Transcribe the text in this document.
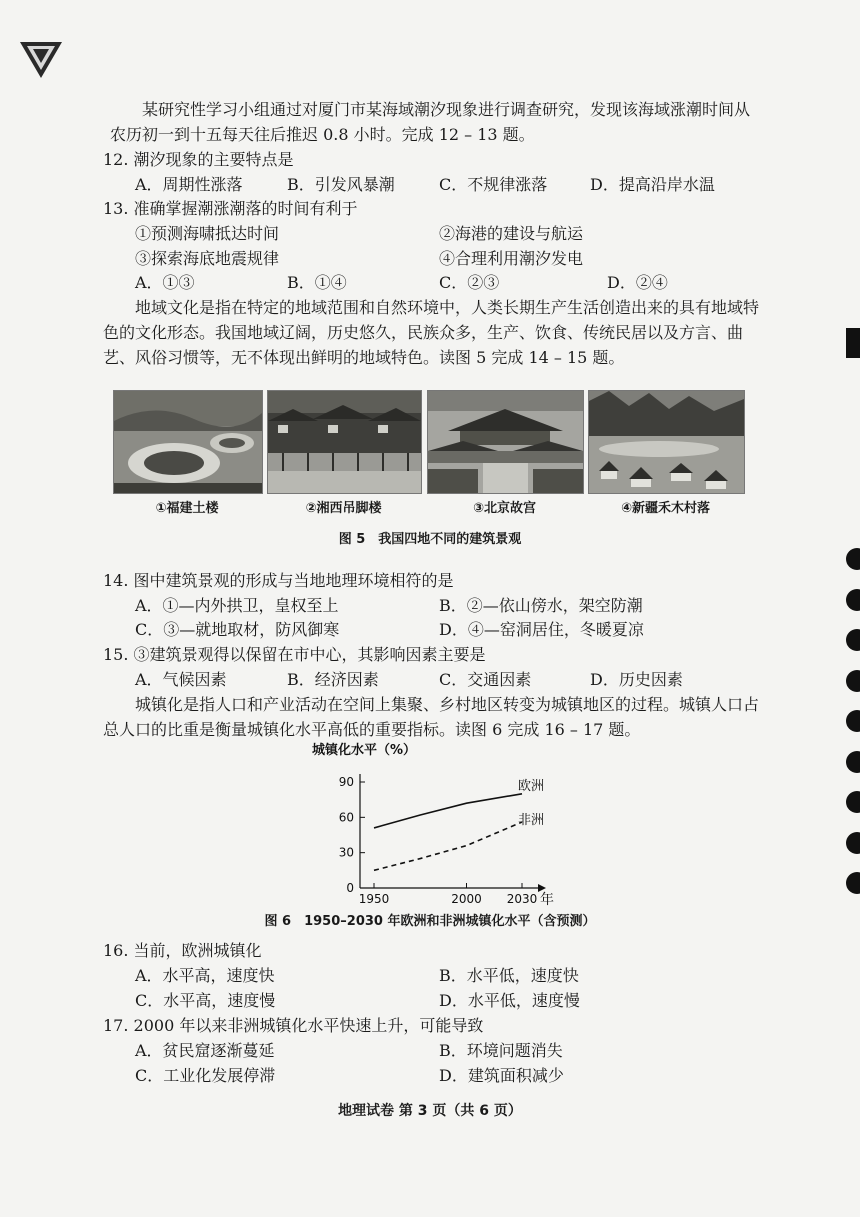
某研究性学习小组通过对厦门市某海域潮汐现象进行调查研究，发现该海域涨潮时间从农历初一到十五每天往后推迟 0.8 小时。完成 12 – 13 题。
12. 潮汐现象的主要特点是
A．周期性涨落	B．引发风暴潮	C．不规律涨落	D．提高沿岸水温
13. 准确掌握潮涨潮落的时间有利于
①预测海啸抵达时间	②海港的建设与航运
③探索海底地震规律	④合理利用潮汐发电
A．①③	B．①④	C．②③	D．②④
地域文化是指在特定的地域范围和自然环境中，人类长期生产生活创造出来的具有地域特色的文化形态。我国地域辽阔，历史悠久，民族众多，生产、饮食、传统民居以及方言、曲艺、风俗习惯等，无不体现出鲜明的地域特色。读图 5 完成 14 – 15 题。
①福建土楼	②湘西吊脚楼	③北京故宫	④新疆禾木村落
图 5　我国四地不同的建筑景观
14. 图中建筑景观的形成与当地地理环境相符的是
A．①—内外拱卫，皇权至上	B．②—依山傍水，架空防潮
C．③—就地取材，防风御寒	D．④—窑洞居住，冬暖夏凉
15. ③建筑景观得以保留在市中心，其影响因素主要是
A．气候因素	B．经济因素	C．交通因素	D．历史因素
城镇化是指人口和产业活动在空间上集聚、乡村地区转变为城镇地区的过程。城镇人口占总人口的比重是衡量城镇化水平高低的重要指标。读图 6 完成 16 – 17 题。
城镇化水平（%）
年
0
30
60
90
1950	2000 2030
欧洲
非洲
图 6　1950–2030 年欧洲和非洲城镇化水平（含预测）
16. 当前，欧洲城镇化
A．水平高，速度快	B．水平低，速度快
C．水平高，速度慢	D．水平低，速度慢
17. 2000 年以来非洲城镇化水平快速上升，可能导致
A．贫民窟逐渐蔓延	B．环境问题消失
C．工业化发展停滞	D．建筑面积减少
地理试卷 第 3 页（共 6 页）
